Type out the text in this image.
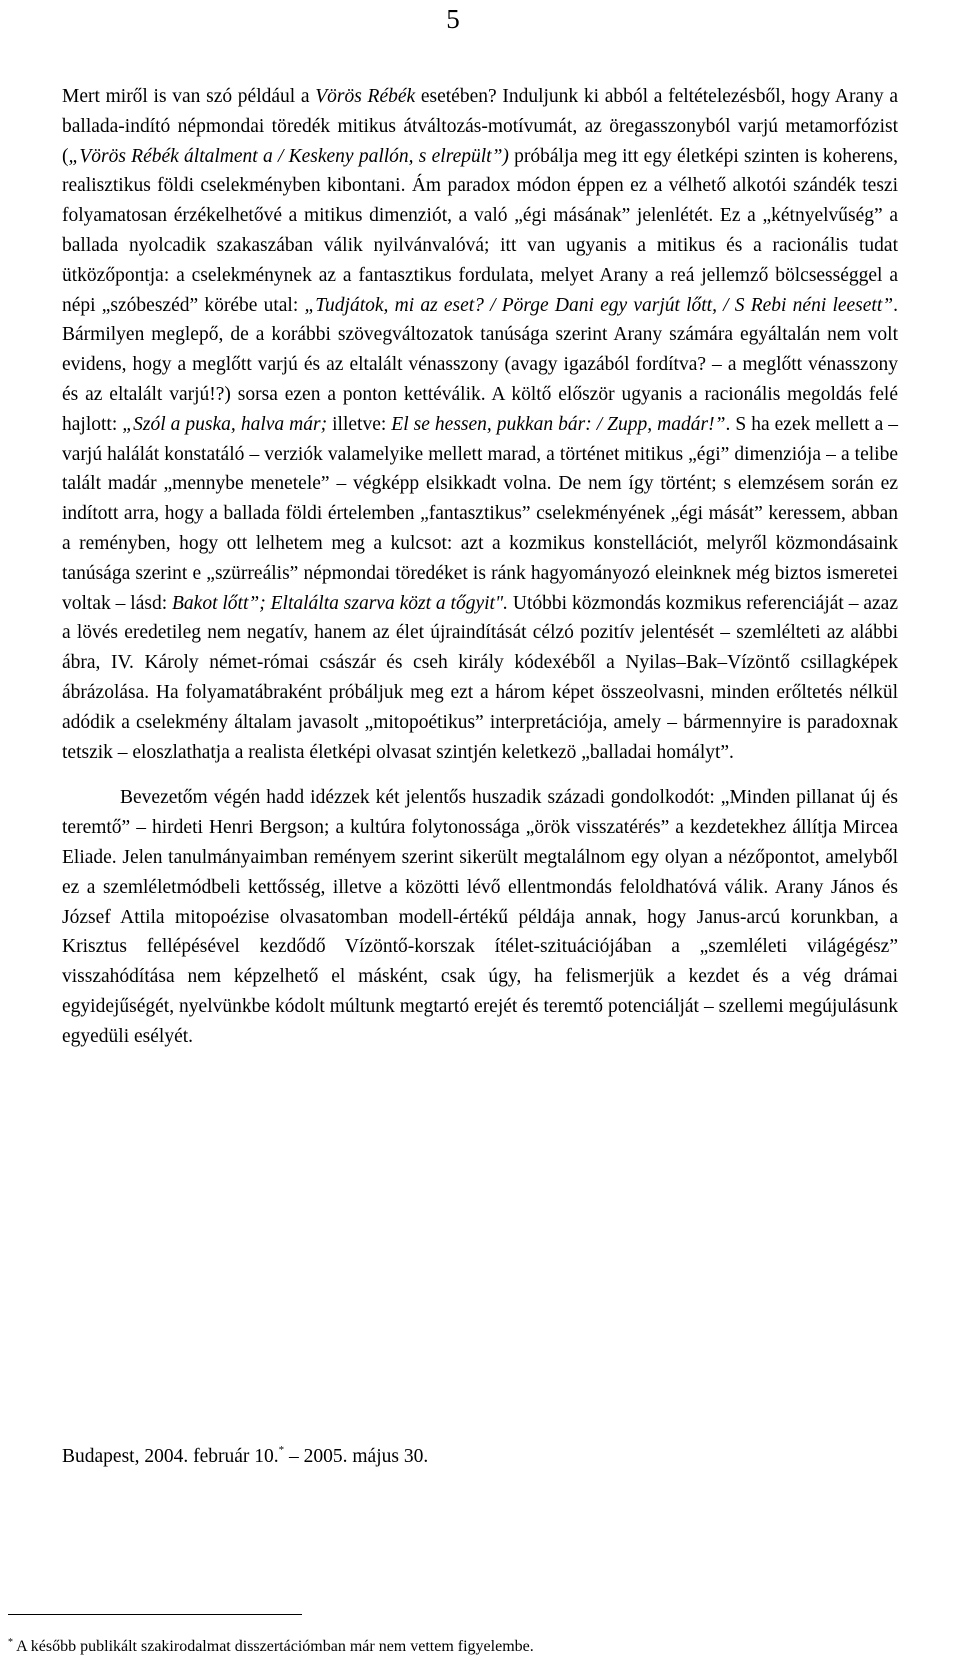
5

Mert miről is van szó például a Vörös Rébék esetében? Induljunk ki abból a feltételezésből, hogy Arany a ballada-indító népmondai töredék mitikus átváltozás-motívumát, az öregasszonyból varjú metamorfózist („Vörös Rébék általment a / Keskeny pallón, s elrepült”) próbálja meg itt egy életképi szinten is koherens, realisztikus földi cselekményben kibontani. Ám paradox módon éppen ez a vélhető alkotói szándék teszi folyamatosan érzékelhetővé a mitikus dimenziót, a való „égi másának” jelenlétét. Ez a „kétnyelvűség” a ballada nyolcadik szakaszában válik nyilvánvalóvá; itt van ugyanis a mitikus és a racionális tudat ütközőpontja: a cselekménynek az a fantasztikus fordulata, melyet Arany a reá jellemző bölcsességgel a népi „szóbeszéd” körébe utal: „Tudjátok, mi az eset? / Pörge Dani egy varjút lőtt, / S Rebi néni leesett”. Bármilyen meglepő, de a korábbi szövegváltozatok tanúsága szerint Arany számára egyáltalán nem volt evidens, hogy a meglőtt varjú és az eltalált vénasszony (avagy igazából fordítva? – a meglőtt vénasszony és az eltalált varjú!?) sorsa ezen a ponton kettéválik. A költő először ugyanis a racionális megoldás felé hajlott: „Szól a puska, halva már; illetve: El se hessen, pukkan bár: / Zupp, madár!”. S ha ezek mellett a – varjú halálát konstatáló – verziók valamelyike mellett marad, a történet mitikus „égi” dimenziója – a telibe talált madár „mennybe menetele” – végképp elsikkadt volna. De nem így történt; s elemzésem során ez indított arra, hogy a ballada földi értelemben „fantasztikus” cselekményének „égi mását” keressem, abban a reményben, hogy ott lelhetem meg a kulcsot: azt a kozmikus konstellációt, melyről közmondásaink tanúsága szerint e „szürreális” népmondai töredéket is ránk hagyományozó eleinknek még biztos ismeretei voltak – lásd: Bakot lőtt”; Eltalálta szarva közt a tőgyit". Utóbbi közmondás kozmikus referenciáját – azaz a lövés eredetileg nem negatív, hanem az élet újraindítását célzó pozitív jelentését – szemlélteti az alábbi ábra, IV. Károly német-római császár és cseh király kódexéből a Nyilas–Bak–Vízöntő csillagképek ábrázolása. Ha folyamatábraként próbáljuk meg ezt a három képet összeolvasni, minden erőltetés nélkül adódik a cselekmény általam javasolt „mitopoétikus” interpretációja, amely – bármennyire is paradoxnak tetszik – eloszlathatja a realista életképi olvasat szintjén keletkezö „balladai homályt”.

Bevezetőm végén hadd idézzek két jelentős huszadik századi gondolkodót: „Minden pillanat új és teremtő” – hirdeti Henri Bergson; a kultúra folytonossága „örök visszatérés” a kezdetekhez állítja Mircea Eliade. Jelen tanulmányaimban reményem szerint sikerült megtalálnom egy olyan a nézőpontot, amelyből ez a szemléletmódbeli kettősség, illetve a közötti lévő ellentmondás feloldhatóvá válik. Arany János és József Attila mitopoézise olvasatomban modell-értékű példája annak, hogy Janus-arcú korunkban, a Krisztus fellépésével kezdődő Vízöntő-korszak ítélet-szituációjában a „szemléleti világégész” visszahódítása nem képzelhető el másként, csak úgy, ha felismerjük a kezdet és a vég drámai egyidejűségét, nyelvünkbe kódolt múltunk megtartó erejét és teremtő potenciálját – szellemi megújulásunk egyedüli esélyét.

Budapest, 2004. február 10.* – 2005. május 30.
* A később publikált szakirodalmat disszertációmban már nem vettem figyelembe.
